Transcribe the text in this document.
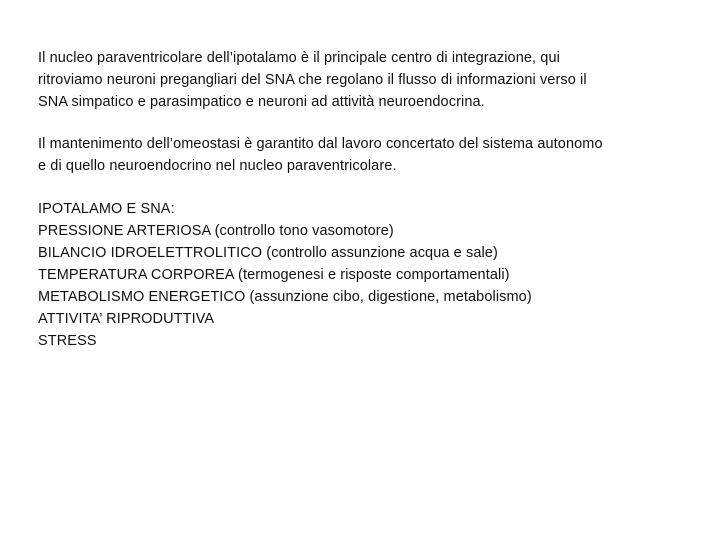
Il nucleo paraventricolare dell’ipotalamo è il principale centro di integrazione, qui
ritroviamo neuroni pregangliari del SNA che regolano il flusso di informazioni verso il
SNA simpatico e parasimpatico e neuroni ad attività neuroendocrina.
Il mantenimento dell’omeostasi è garantito dal lavoro concertato del sistema autonomo
e di quello neuroendocrino nel nucleo paraventricolare.
IPOTALAMO E SNA:
PRESSIONE ARTERIOSA (controllo tono vasomotore)
BILANCIO IDROELETTROLITICO (controllo assunzione acqua e sale)
TEMPERATURA CORPOREA (termogenesi e risposte comportamentali)
METABOLISMO ENERGETICO (assunzione cibo, digestione, metabolismo)
ATTIVITA’ RIPRODUTTIVA
STRESS
